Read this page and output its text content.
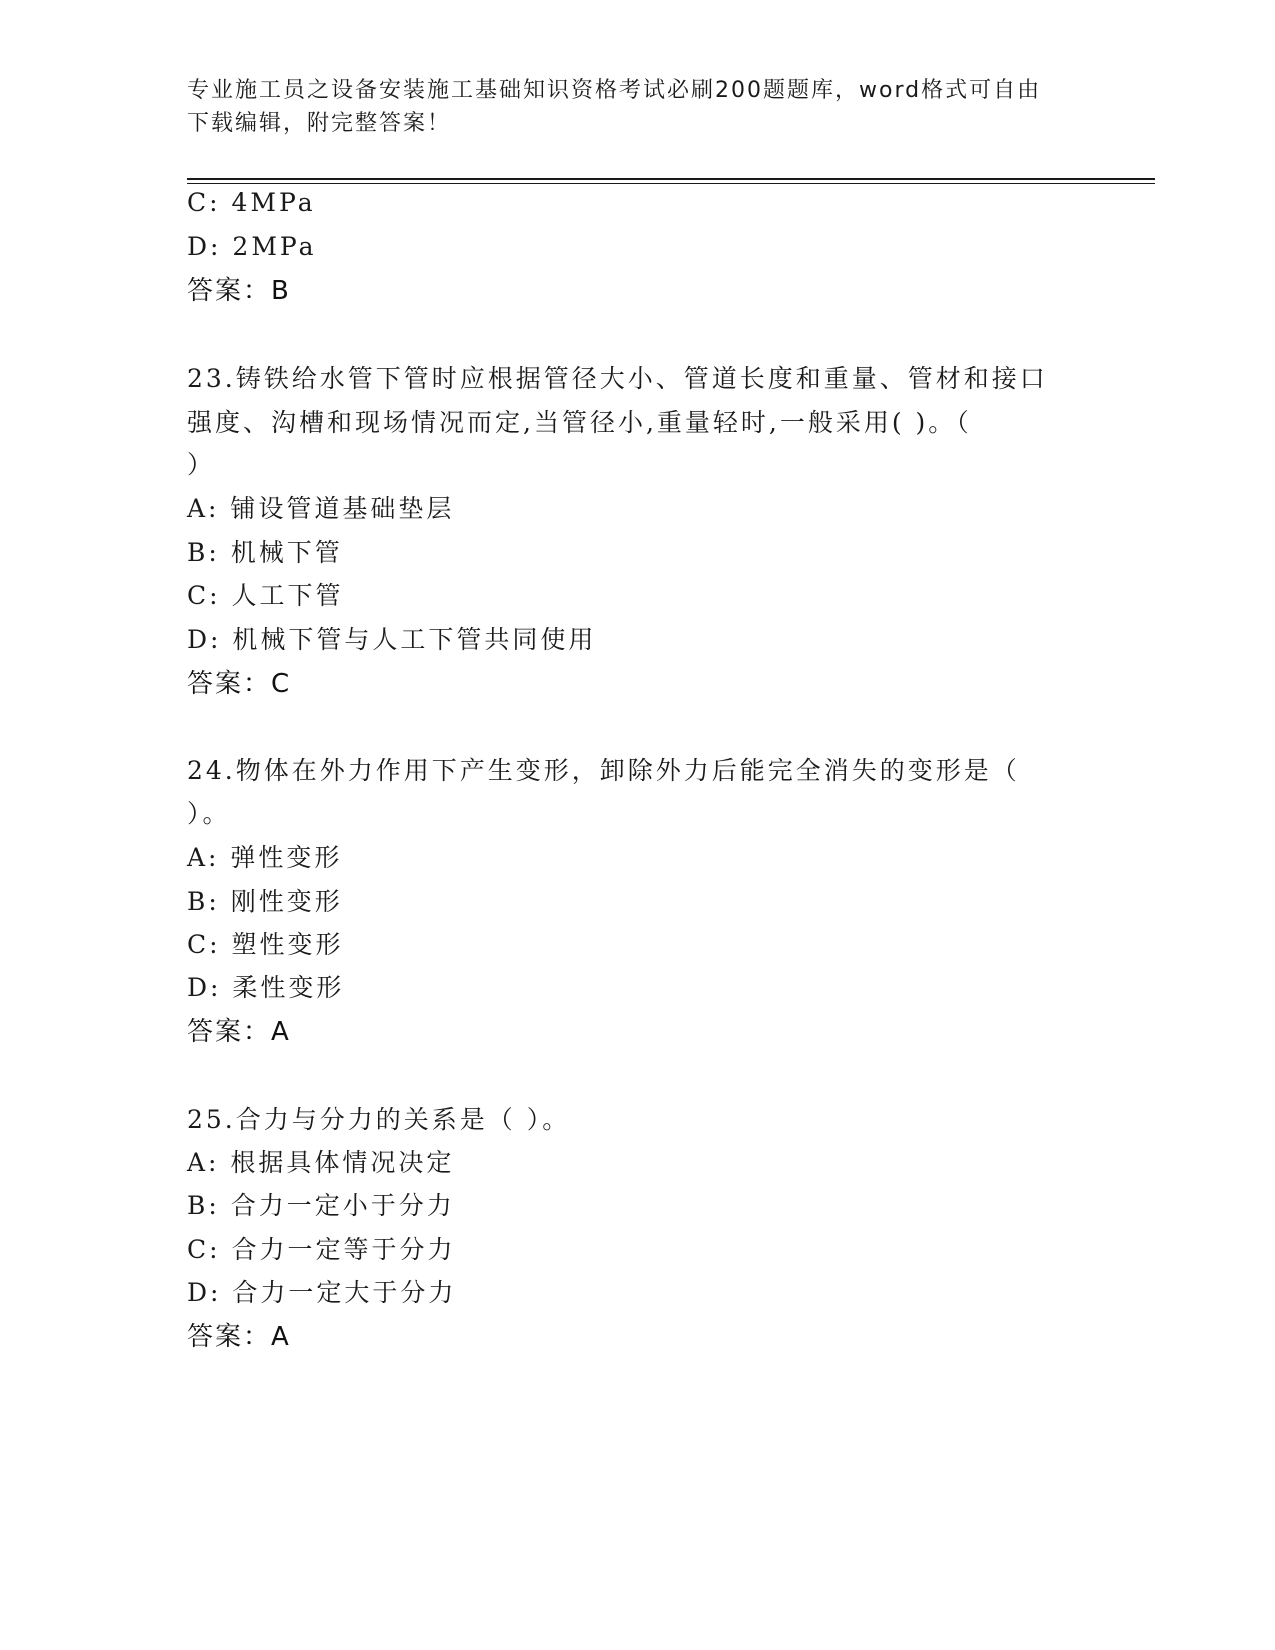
专业施工员之设备安装施工基础知识资格考试必刷200题题库，word格式可自由
下载编辑，附完整答案！
C: 4MPa
D: 2MPa
答案：B
23.铸铁给水管下管时应根据管径大小、管道长度和重量、管材和接口
强度、沟槽和现场情况而定,当管径小,重量轻时,一般采用( )。（
）
A: 铺设管道基础垫层
B: 机械下管
C: 人工下管
D: 机械下管与人工下管共同使用
答案：C
24.物体在外力作用下产生变形，卸除外力后能完全消失的变形是（
）。
A: 弹性变形
B: 刚性变形
C: 塑性变形
D: 柔性变形
答案：A
25.合力与分力的关系是（ ）。
A: 根据具体情况决定
B: 合力一定小于分力
C: 合力一定等于分力
D: 合力一定大于分力
答案：A
